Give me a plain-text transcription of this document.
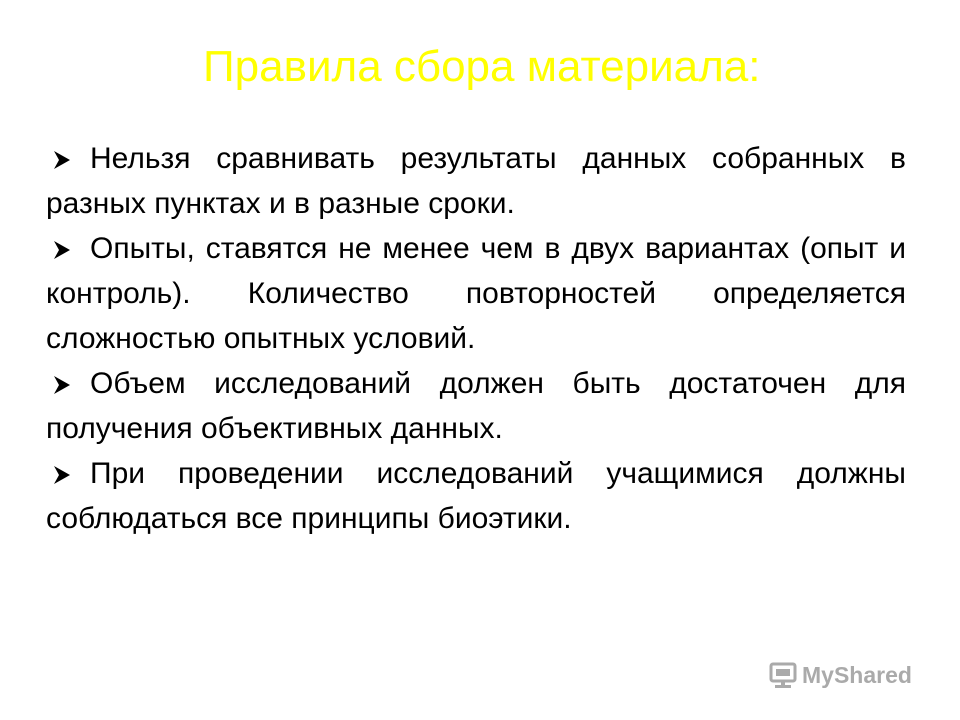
Правила сбора материала:
Нельзя сравнивать результаты данных собранных в разных пунктах и в разные сроки.
Опыты, ставятся не менее чем в двух вариантах (опыт и контроль). Количество повторностей определяется сложностью опытных условий.
Объем исследований должен быть достаточен для получения объективных данных.
При проведении исследований учащимися должны соблюдаться все принципы биоэтики.
MyShared
